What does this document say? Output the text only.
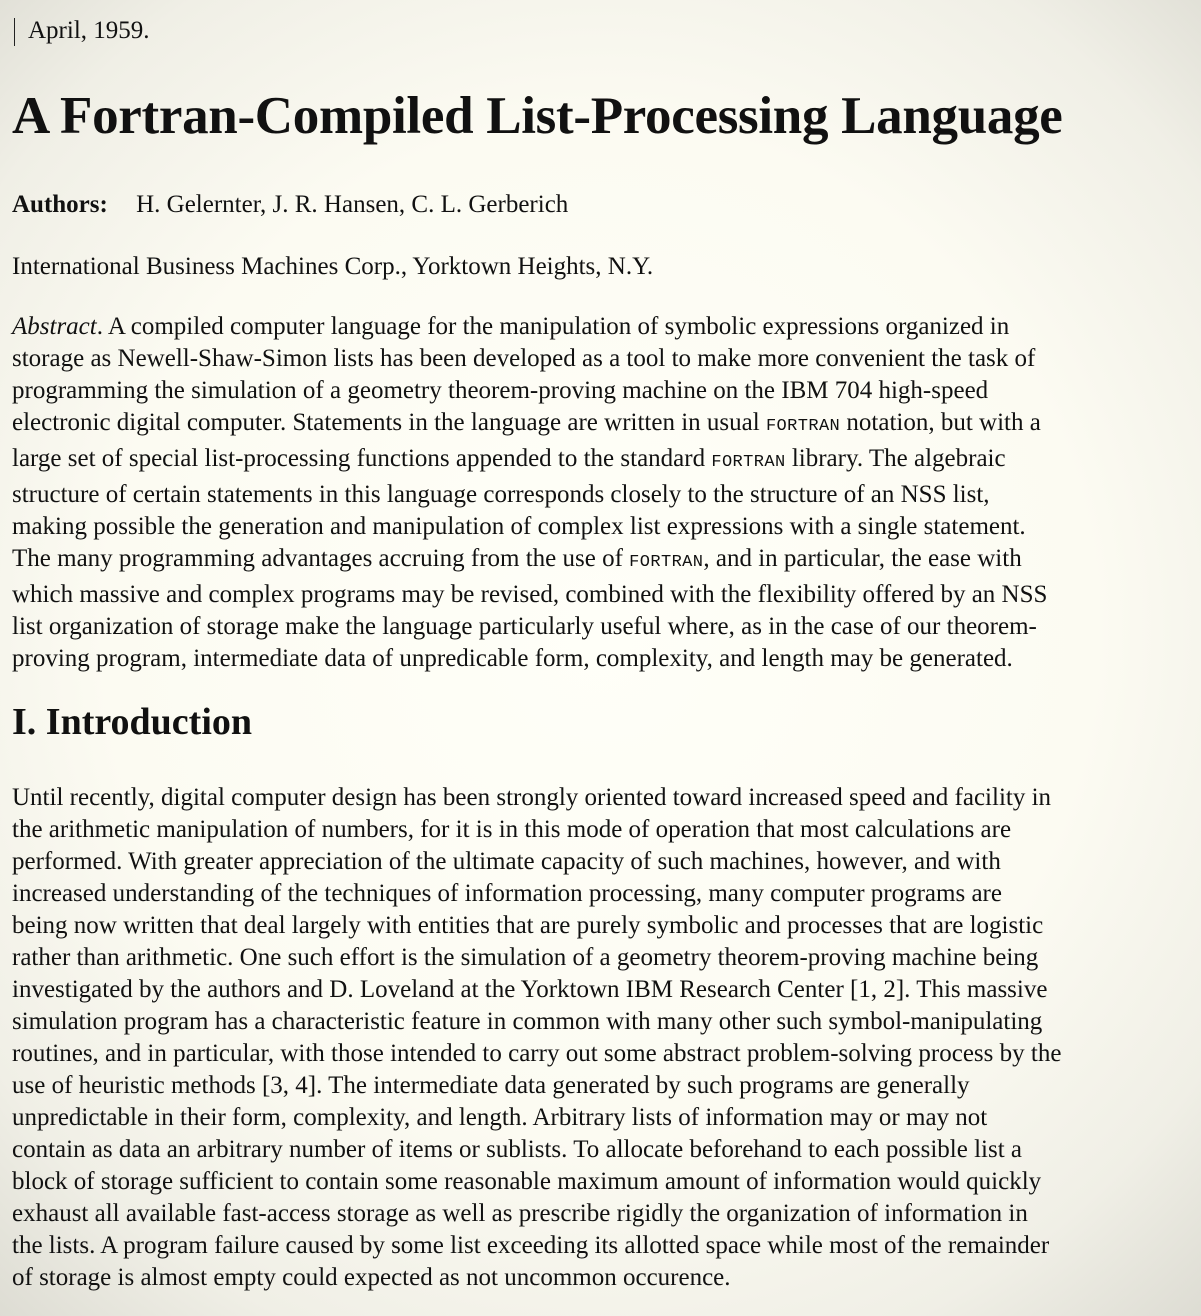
April, 1959.
A Fortran-Compiled List-Processing Language
Authors: H. Gelernter, J. R. Hansen, C. L. Gerberich
International Business Machines Corp., Yorktown Heights, N.Y.
Abstract. A compiled computer language for the manipulation of symbolic expressions organized in
storage as Newell-Shaw-Simon lists has been developed as a tool to make more convenient the task of
programming the simulation of a geometry theorem-proving machine on the IBM 704 high-speed
electronic digital computer. Statements in the language are written in usual FORTRAN notation, but with a
large set of special list-processing functions appended to the standard FORTRAN library. The algebraic
structure of certain statements in this language corresponds closely to the structure of an NSS list,
making possible the generation and manipulation of complex list expressions with a single statement.
The many programming advantages accruing from the use of FORTRAN, and in particular, the ease with
which massive and complex programs may be revised, combined with the flexibility offered by an NSS
list organization of storage make the language particularly useful where, as in the case of our theorem-
proving program, intermediate data of unpredicable form, complexity, and length may be generated.
I. Introduction
Until recently, digital computer design has been strongly oriented toward increased speed and facility in
the arithmetic manipulation of numbers, for it is in this mode of operation that most calculations are
performed. With greater appreciation of the ultimate capacity of such machines, however, and with
increased understanding of the techniques of information processing, many computer programs are
being now written that deal largely with entities that are purely symbolic and processes that are logistic
rather than arithmetic. One such effort is the simulation of a geometry theorem-proving machine being
investigated by the authors and D. Loveland at the Yorktown IBM Research Center [1, 2]. This massive
simulation program has a characteristic feature in common with many other such symbol-manipulating
routines, and in particular, with those intended to carry out some abstract problem-solving process by the
use of heuristic methods [3, 4]. The intermediate data generated by such programs are generally
unpredictable in their form, complexity, and length. Arbitrary lists of information may or may not
contain as data an arbitrary number of items or sublists. To allocate beforehand to each possible list a
block of storage sufficient to contain some reasonable maximum amount of information would quickly
exhaust all available fast-access storage as well as prescribe rigidly the organization of information in
the lists. A program failure caused by some list exceeding its allotted space while most of the remainder
of storage is almost empty could expected as not uncommon occurence.
